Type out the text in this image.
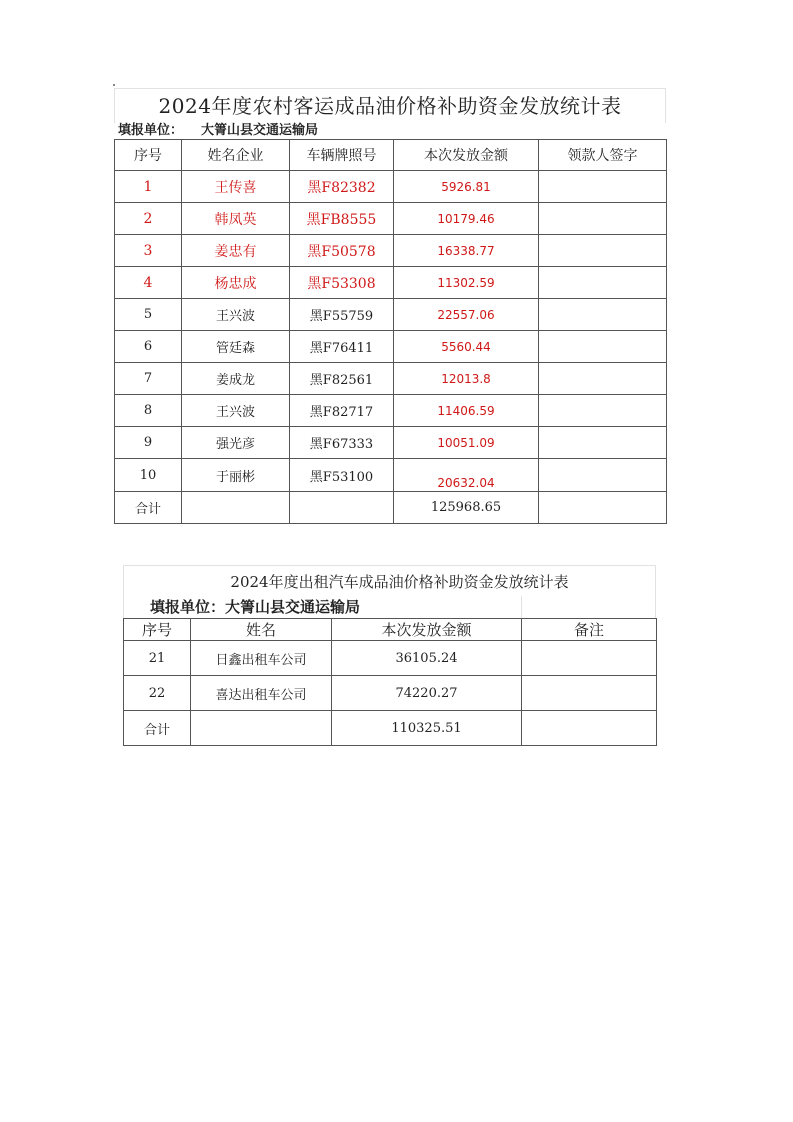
2024年度农村客运成品油价格补助资金发放统计表
填报单位： 大箐山县交通运输局
序号	姓名企业	车辆牌照号	本次发放金额	领款人签字
1	王传喜	黑F82382	5926.81	
2	韩凤英	黑FB8555	10179.46	
3	姜忠有	黑F50578	16338.77	
4	杨忠成	黑F53308	11302.59	
5	王兴波	黑F55759	22557.06	
6	管廷森	黑F76411	5560.44	
7	姜成龙	黑F82561	12013.8	
8	王兴波	黑F82717	11406.59	
9	强光彦	黑F67333	10051.09	
10	于丽彬	黑F53100	20632.04	
合计			125968.65	
2024年度出租汽车成品油价格补助资金发放统计表
填报单位：大箐山县交通运输局
序号	姓名	本次发放金额	备注
21	日鑫出租车公司	36105.24	
22	喜达出租车公司	74220.27	
合计		110325.51	
